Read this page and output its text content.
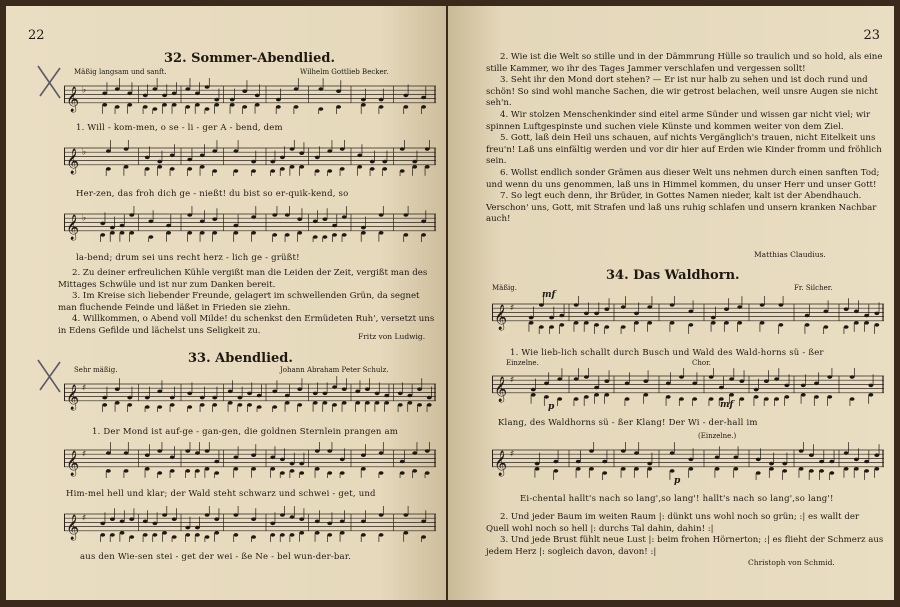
22
32. Sommer-Abendlied.
Mäßig langsam und sanft.	Wilhelm Gottlieb Becker.
𝄞 ♭
1. Will - kom-men, o se - li - ger A - bend, dem
𝄞 ♭
Her-zen, das froh dich ge - nießt! du bist so er-quik-kend, so
𝄞 ♭
la-bend; drum sei uns recht herz - lich ge - grüßt!

2. Zu deiner erfreulichen Kühle vergißt man die Leiden der Zeit, vergißt man des Mittages Schwüle und ist nur zum Danken bereit.

3. Im Kreise sich liebender Freunde, gelagert im schwellenden Grün, da segnet man fluchende Feinde und läßet in Frieden sie ziehn.

4. Willkommen, o Abend voll Milde! du schenkst den Ermüdeten Ruh', versetzt uns in Edens Gefilde und lächelst uns Seligkeit zu.

Fritz von Ludwig.
33. Abendlied.
Sehr mäßig.	Johann Abraham Peter Schulz.
𝄞 ♯
1. Der Mond ist auf-ge - gan-gen, die goldnen Sternlein prangen am
𝄞 ♯
Him-mel hell und klar; der Wald steht schwarz und schwei - get, und
𝄞 ♯
aus den Wie-sen stei - get der wei - ße Ne - bel wun-der-bar.
23

2. Wie ist die Welt so stille und in der Dämmrung Hülle so traulich und so hold, als eine stille Kammer, wo ihr des Tages Jammer verschlafen und vergessen sollt!

3. Seht ihr den Mond dort stehen? — Er ist nur halb zu sehen und ist doch rund und schön! So sind wohl manche Sachen, die wir getrost belachen, weil unsre Augen sie nicht seh'n.

4. Wir stolzen Menschenkinder sind eitel arme Sünder und wissen gar nicht viel; wir spinnen Luftgespinste und suchen viele Künste und kommen weiter von dem Ziel.

5. Gott, laß dein Heil uns schauen, auf nichts Vergänglich's trauen, nicht Eitelkeit uns freu'n! Laß uns einfältig werden und vor dir hier auf Erden wie Kinder fromm und fröhlich sein.

6. Wollst endlich sonder Grämen aus dieser Welt uns nehmen durch einen sanften Tod; und wenn du uns genommen, laß uns in Himmel kommen, du unser Herr und unser Gott!

7. So legt euch denn, ihr Brüder, in Gottes Namen nieder, kalt ist der Abendhauch. Verschon' uns, Gott, mit Strafen und laß uns ruhig schlafen und unsern kranken Nachbar auch!

Matthias Claudius.
34. Das Waldhorn.
Mäßig.	Fr. Silcher.
mf
𝄞 ♯
1. Wie lieb-lich schallt durch Busch und Wald des Wald-horns sü - ßer
Einzelne.	Chor.
𝄞 ♯
p	mf
Klang, des Waldhorns sü - ßer Klang! Der Wi - der-hall im
(Einzelne.)
𝄞 ♯
p
Ei-chental hallt's nach so lang',so lang'! hallt's nach so lang',so lang'!

2. Und jeder Baum im weiten Raum |: dünkt uns wohl noch so grün; :| es wallt der Quell wohl noch so hell |: durchs Tal dahin, dahin! :|

3. Und jede Brust fühlt neue Lust |: beim frohen Hörnerton; :| es flieht der Schmerz aus jedem Herz |: sogleich davon, davon! :|

Christoph von Schmid.
